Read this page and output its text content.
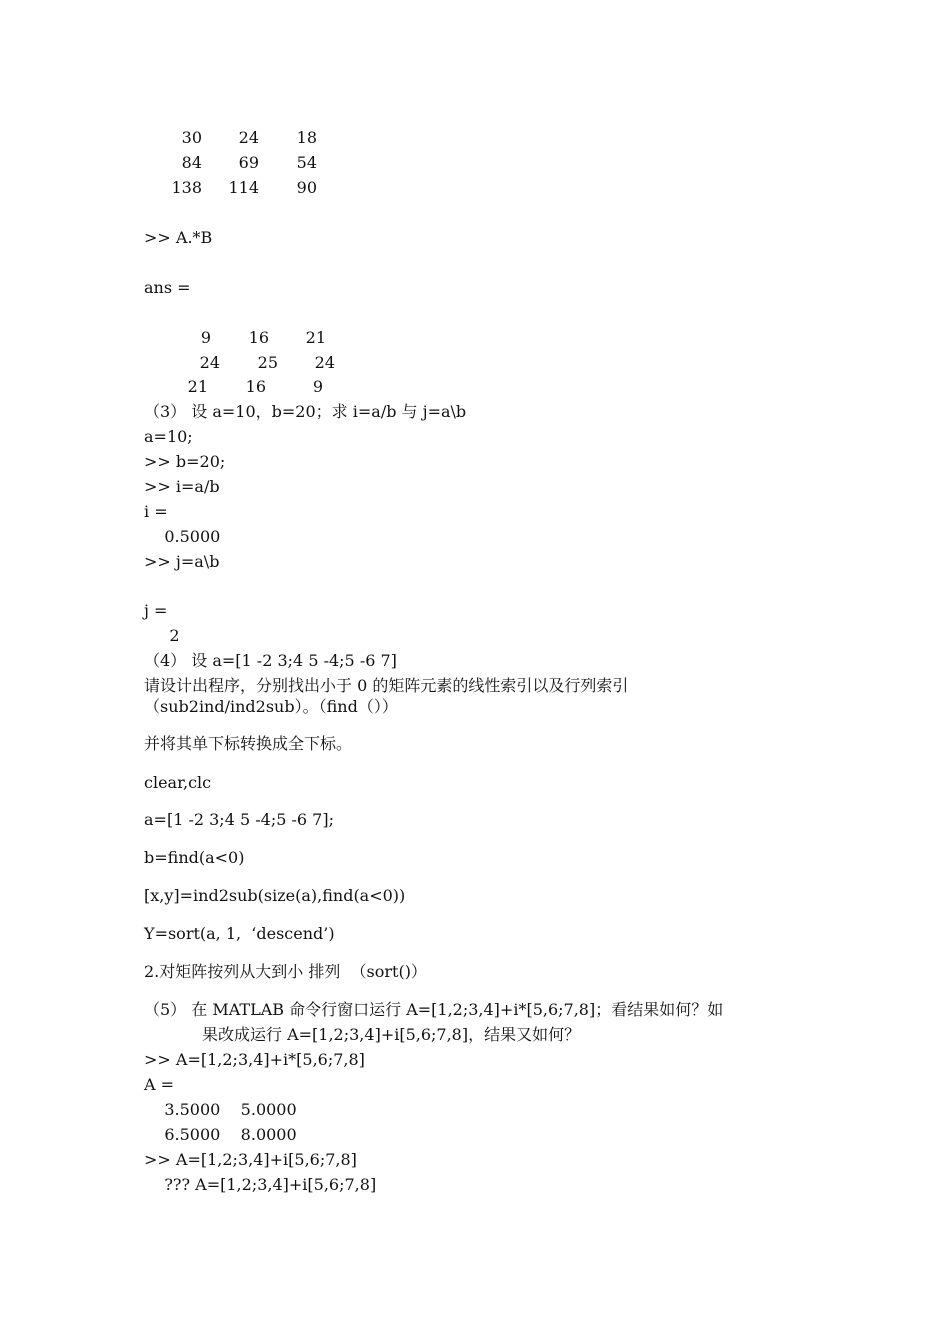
30	24	18
84	69	54
138	114	90
>> A.*B
ans =
9	16	21
24	25	24
21	16	9
（3） 设 a=10，b=20；求 i=a/b 与 j=a\b
a=10;
>> b=20;
>> i=a/b
i =
0.5000
>> j=a\b
j =
2
（4） 设 a=[1 -2 3;4 5 -4;5 -6 7]
请设计出程序，分别找出小于 0 的矩阵元素的线性索引以及行列索引
（sub2ind/ind2sub）。（find（））
并将其单下标转换成全下标。
clear,clc
a=[1 -2 3;4 5 -4;5 -6 7];
b=find(a<0)
[x,y]=ind2sub(size(a),find(a<0))
Y=sort(a, 1,  ‘descend’)
2.对矩阵按列从大到小 排列  （sort()）
（5） 在 MATLAB 命令行窗口运行 A=[1,2;3,4]+i*[5,6;7,8]；看结果如何？如
果改成运行 A=[1,2;3,4]+i[5,6;7,8]，结果又如何？
>> A=[1,2;3,4]+i*[5,6;7,8]
A =
3.5000    5.0000
6.5000    8.0000
>> A=[1,2;3,4]+i[5,6;7,8]
??? A=[1,2;3,4]+i[5,6;7,8]
